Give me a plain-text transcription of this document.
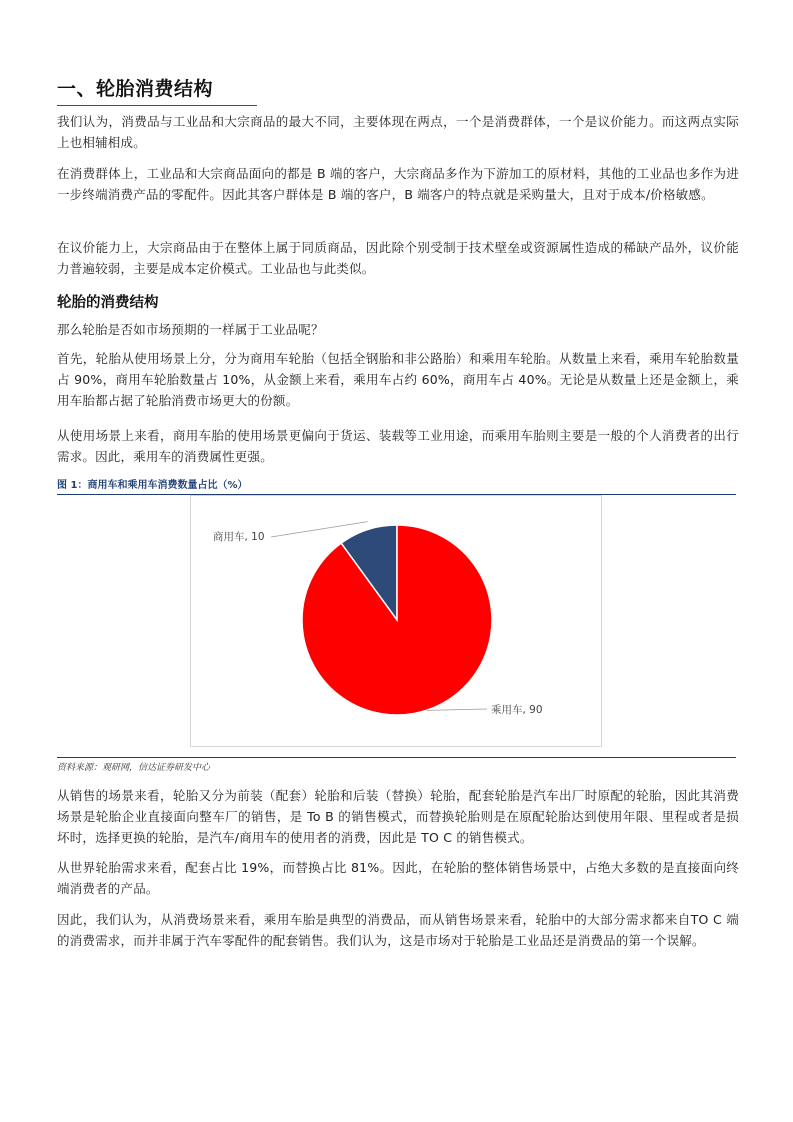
一、轮胎消费结构
我们认为，消费品与工业品和大宗商品的最大不同，主要体现在两点，一个是消费群体，一个是议价能力。而这两点实际上也相辅相成。
在消费群体上，工业品和大宗商品面向的都是 B 端的客户，大宗商品多作为下游加工的原材料，其他的工业品也多作为进一步终端消费产品的零配件。因此其客户群体是 B 端的客户，B 端客户的特点就是采购量大，且对于成本/价格敏感。
在议价能力上，大宗商品由于在整体上属于同质商品，因此除个别受制于技术壁垒或资源属性造成的稀缺产品外，议价能力普遍较弱，主要是成本定价模式。工业品也与此类似。
轮胎的消费结构
那么轮胎是否如市场预期的一样属于工业品呢？
首先，轮胎从使用场景上分，分为商用车轮胎（包括全钢胎和非公路胎）和乘用车轮胎。从数量上来看，乘用车轮胎数量占 90%，商用车轮胎数量占 10%，从金额上来看，乘用车占约 60%，商用车占 40%。无论是从数量上还是金额上，乘用车胎都占据了轮胎消费市场更大的份额。
从使用场景上来看，商用车胎的使用场景更偏向于货运、装载等工业用途，而乘用车胎则主要是一般的个人消费者的出行需求。因此，乘用车的消费属性更强。
图 1：商用车和乘用车消费数量占比（%）
商用车, 10
乘用车, 90
资料来源：观研网，信达证券研发中心
从销售的场景来看，轮胎又分为前装（配套）轮胎和后装（替换）轮胎，配套轮胎是汽车出厂时原配的轮胎，因此其消费场景是轮胎企业直接面向整车厂的销售，是 To B 的销售模式，而替换轮胎则是在原配轮胎达到使用年限、里程或者是损坏时，选择更换的轮胎，是汽车/商用车的使用者的消费，因此是 TO C 的销售模式。
从世界轮胎需求来看，配套占比 19%，而替换占比 81%。因此，在轮胎的整体销售场景中，占绝大多数的是直接面向终端消费者的产品。
因此，我们认为，从消费场景来看，乘用车胎是典型的消费品，而从销售场景来看，轮胎中的大部分需求都来自TO C 端的消费需求，而并非属于汽车零配件的配套销售。我们认为，这是市场对于轮胎是工业品还是消费品的第一个误解。
